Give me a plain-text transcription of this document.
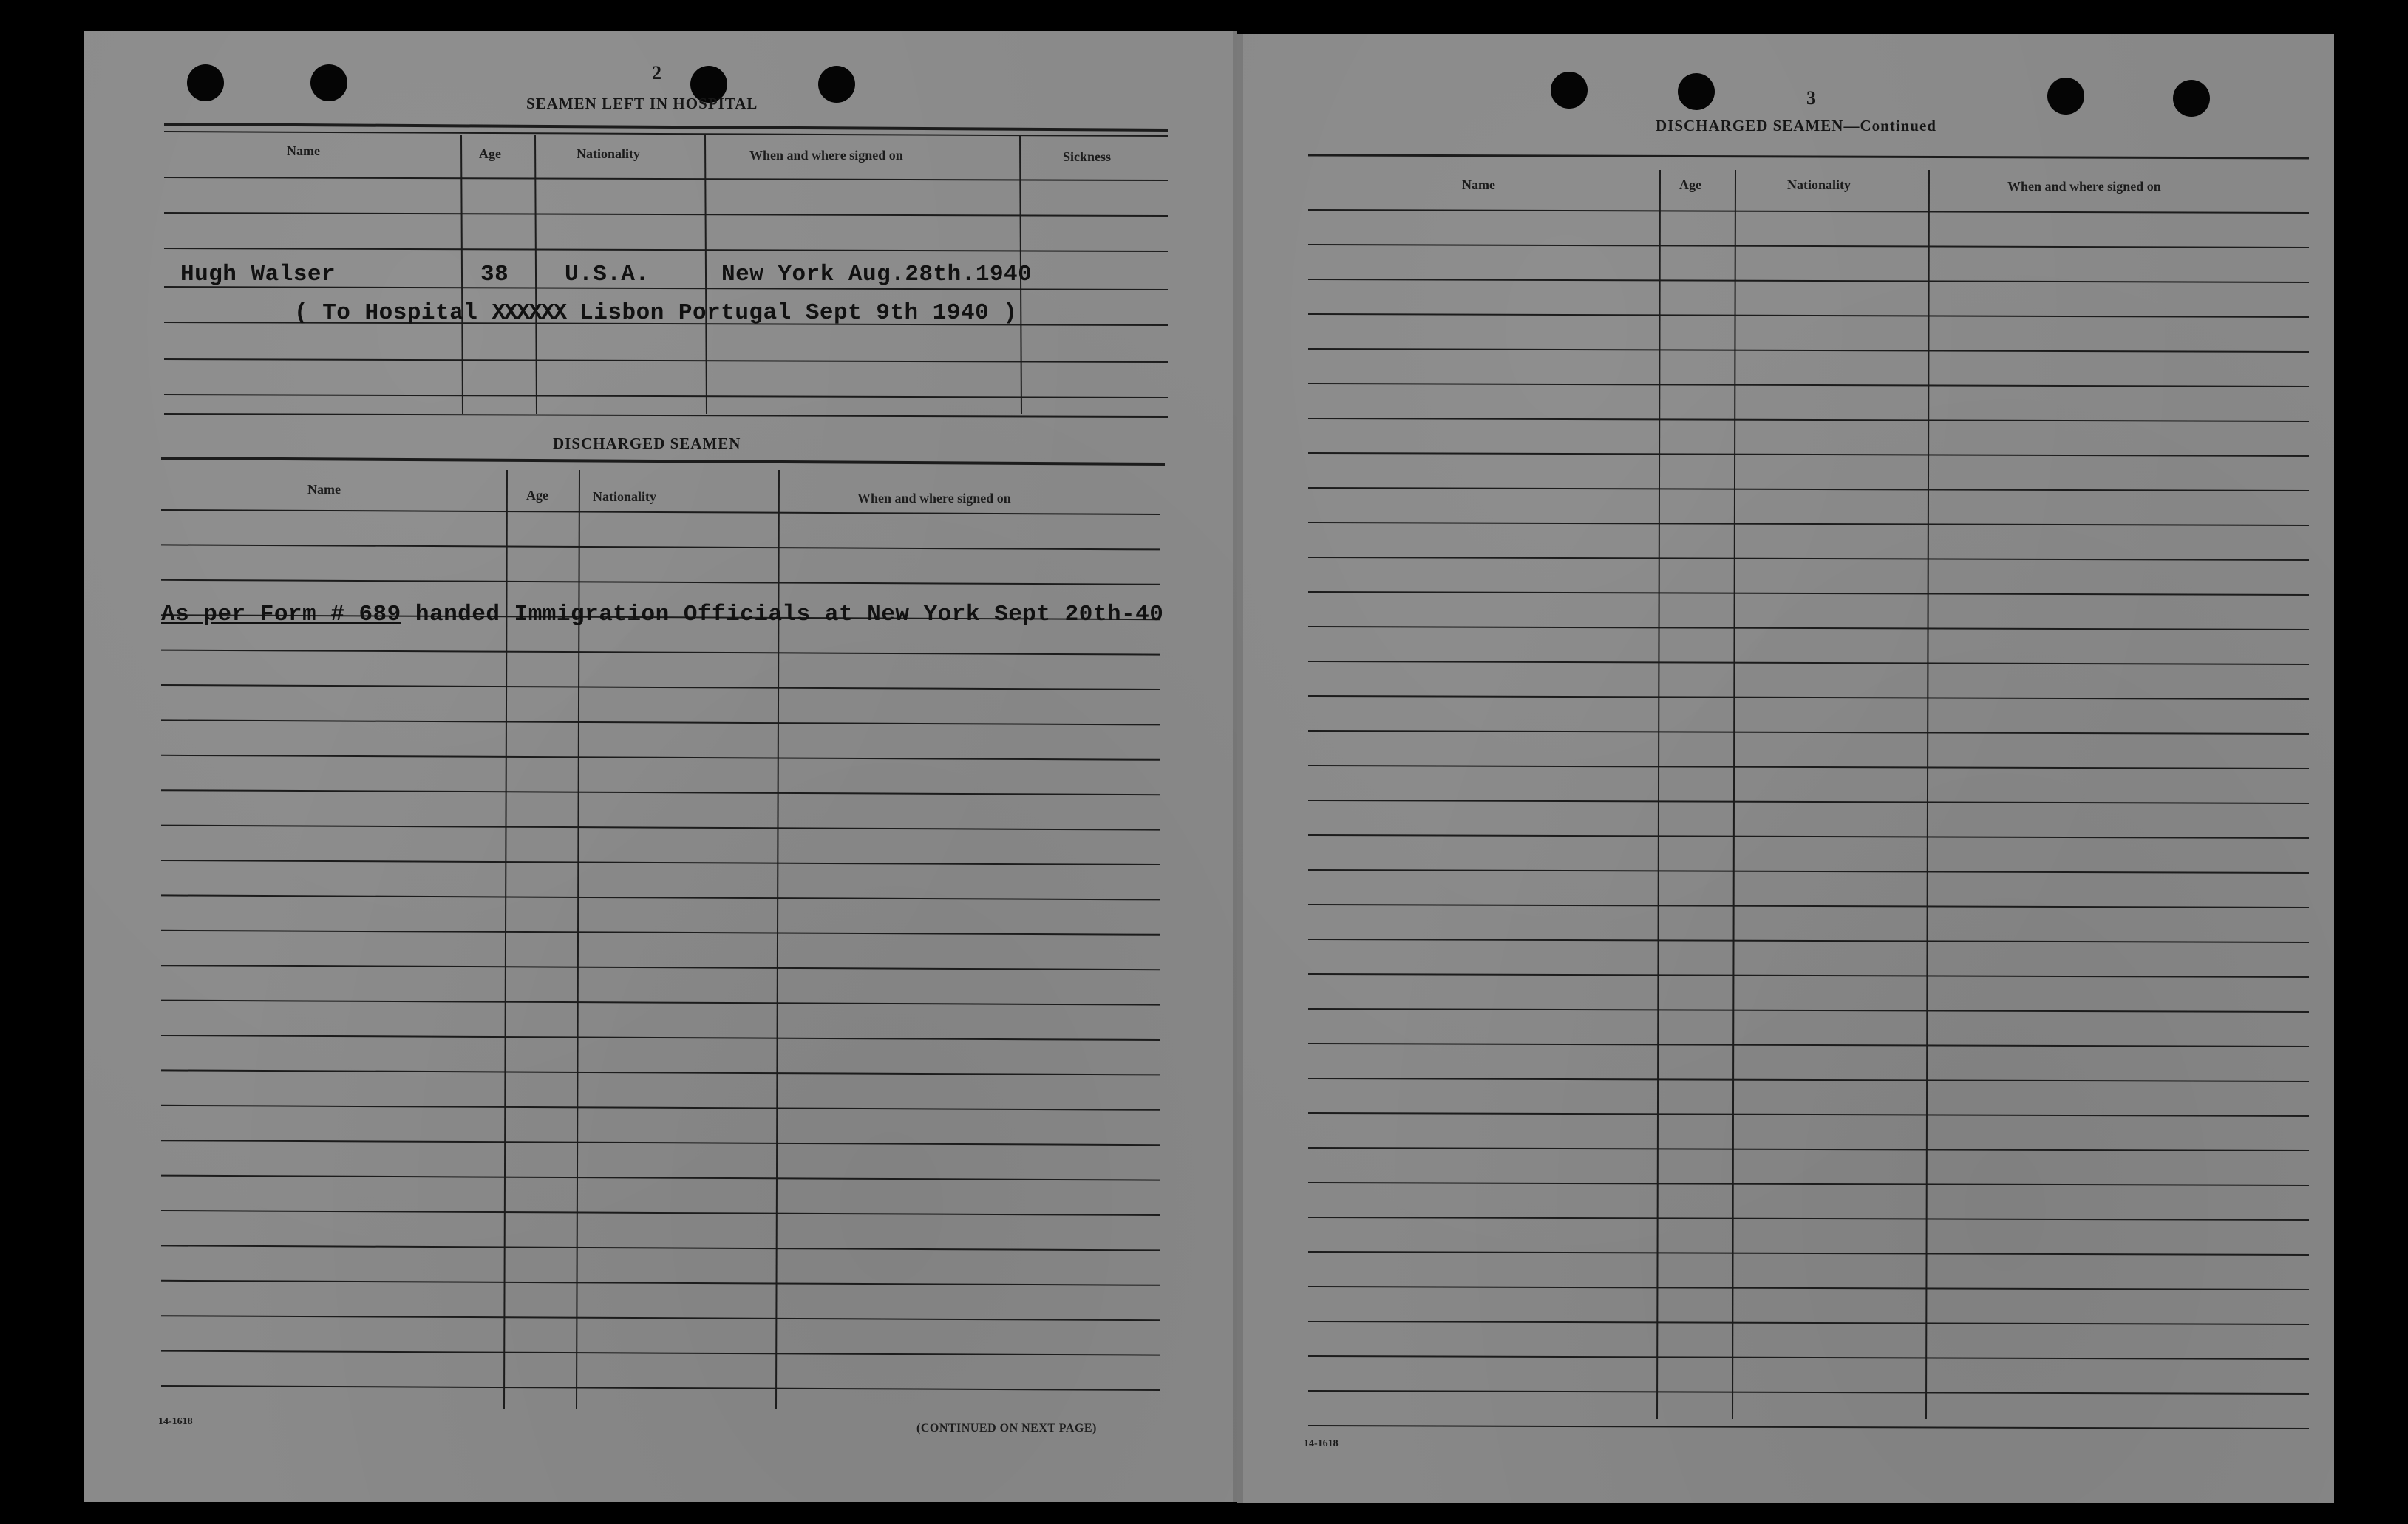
2
SEAMEN LEFT IN HOSPITAL
Name	Age	Nationality	When and where signed on	Sickness
Hugh Walser	38 U.S.A.	New York Aug.28th.1940
( To Hospital XXXXXX Lisbon Portugal Sept 9th 1940 )
DISCHARGED SEAMEN
Name	Age	Nationality	When and where signed on
As per Form # 689 handed Immigration Officials at New York Sept 20th-40
14-1618
(CONTINUED ON NEXT PAGE)
3
DISCHARGED SEAMEN—Continued
Name	Age	Nationality	When and where signed on
14-1618
